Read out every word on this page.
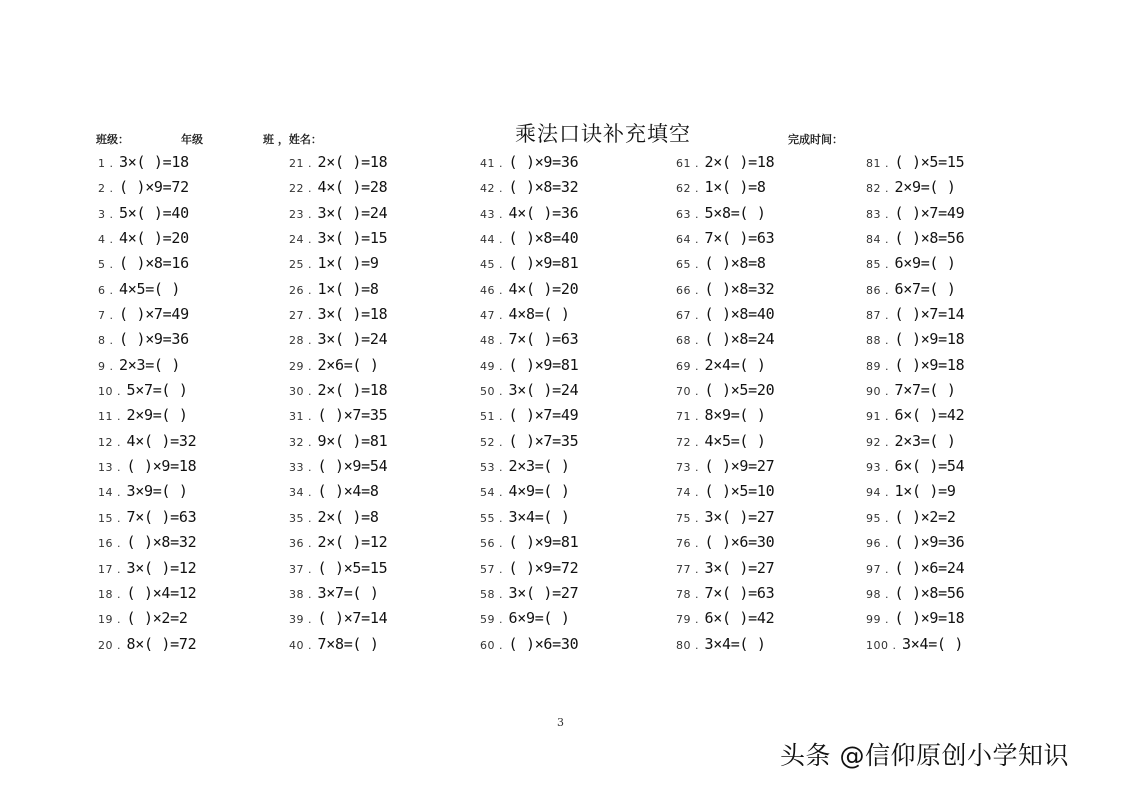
乘法口诀补充填空
班级：	年级	班 ，姓名：	完成时间：
1 . 3×( )=18
2 . ( )×9=72
3 . 5×( )=40
4 . 4×( )=20
5 . ( )×8=16
6 . 4×5=( )
7 . ( )×7=49
8 . ( )×9=36
9 . 2×3=( )
10 . 5×7=( )
11 . 2×9=( )
12 . 4×( )=32
13 . ( )×9=18
14 . 3×9=( )
15 . 7×( )=63
16 . ( )×8=32
17 . 3×( )=12
18 . ( )×4=12
19 . ( )×2=2
20 . 8×( )=72
21 . 2×( )=18
22 . 4×( )=28
23 . 3×( )=24
24 . 3×( )=15
25 . 1×( )=9
26 . 1×( )=8
27 . 3×( )=18
28 . 3×( )=24
29 . 2×6=( )
30 . 2×( )=18
31 . ( )×7=35
32 . 9×( )=81
33 . ( )×9=54
34 . ( )×4=8
35 . 2×( )=8
36 . 2×( )=12
37 . ( )×5=15
38 . 3×7=( )
39 . ( )×7=14
40 . 7×8=( )
41 . ( )×9=36
42 . ( )×8=32
43 . 4×( )=36
44 . ( )×8=40
45 . ( )×9=81
46 . 4×( )=20
47 . 4×8=( )
48 . 7×( )=63
49 . ( )×9=81
50 . 3×( )=24
51 . ( )×7=49
52 . ( )×7=35
53 . 2×3=( )
54 . 4×9=( )
55 . 3×4=( )
56 . ( )×9=81
57 . ( )×9=72
58 . 3×( )=27
59 . 6×9=( )
60 . ( )×6=30
61 . 2×( )=18
62 . 1×( )=8
63 . 5×8=( )
64 . 7×( )=63
65 . ( )×8=8
66 . ( )×8=32
67 . ( )×8=40
68 . ( )×8=24
69 . 2×4=( )
70 . ( )×5=20
71 . 8×9=( )
72 . 4×5=( )
73 . ( )×9=27
74 . ( )×5=10
75 . 3×( )=27
76 . ( )×6=30
77 . 3×( )=27
78 . 7×( )=63
79 . 6×( )=42
80 . 3×4=( )
81 . ( )×5=15
82 . 2×9=( )
83 . ( )×7=49
84 . ( )×8=56
85 . 6×9=( )
86 . 6×7=( )
87 . ( )×7=14
88 . ( )×9=18
89 . ( )×9=18
90 . 7×7=( )
91 . 6×( )=42
92 . 2×3=( )
93 . 6×( )=54
94 . 1×( )=9
95 . ( )×2=2
96 . ( )×9=36
97 . ( )×6=24
98 . ( )×8=56
99 . ( )×9=18
100 . 3×4=( )
3
头条 @信仰原创小学知识
